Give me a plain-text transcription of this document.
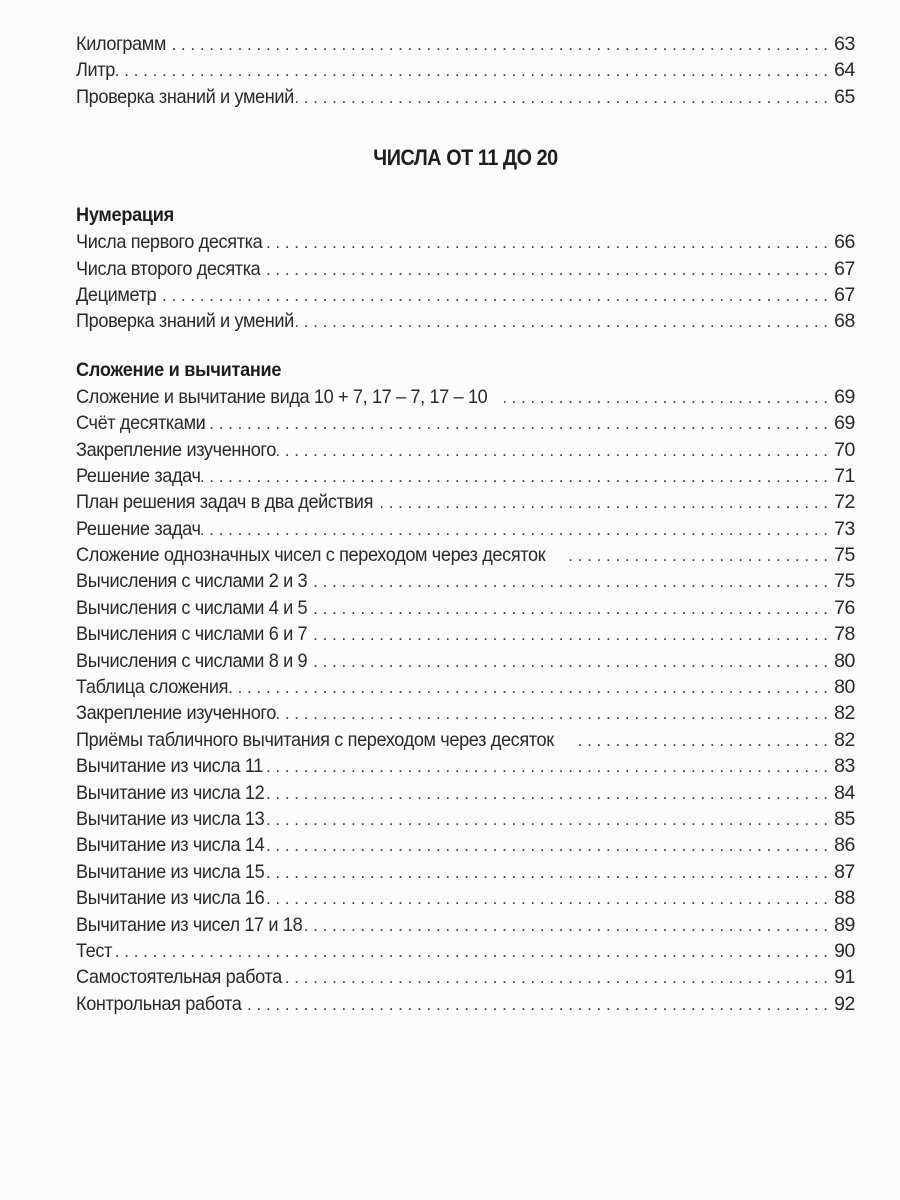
Килограмм . . .	63
Литр . . .	64
Проверка знаний и умений . . .	65
ЧИСЛА ОТ 11 ДО 20
Нумерация
Числа первого десятка . . .	66
Числа второго десятка . . .	67
Дециметр . . .	67
Проверка знаний и умений . . .	68
Сложение и вычитание
Сложение и вычитание вида 10 + 7, 17 – 7, 17 – 10 . . .	69
Счёт десятками . . .	69
Закрепление изученного . . .	70
Решение задач . . .	71
План решения задач в два действия . . .	72
Решение задач . . .	73
Сложение однозначных чисел с переходом через десяток . . .	75
Вычисления с числами 2 и 3 . . .	75
Вычисления с числами 4 и 5 . . .	76
Вычисления с числами 6 и 7 . . .	78
Вычисления с числами 8 и 9 . . .	80
Таблица сложения . . .	80
Закрепление изученного . . .	82
Приёмы табличного вычитания с переходом через десяток . . .	82
Вычитание из числа 11 . . .	83
Вычитание из числа 12 . . .	84
Вычитание из числа 13 . . .	85
Вычитание из числа 14 . . .	86
Вычитание из числа 15 . . .	87
Вычитание из числа 16 . . .	88
Вычитание из чисел 17 и 18 . . .	89
Тест . . .	90
Самостоятельная работа . . .	91
Контрольная работа . . .	92
